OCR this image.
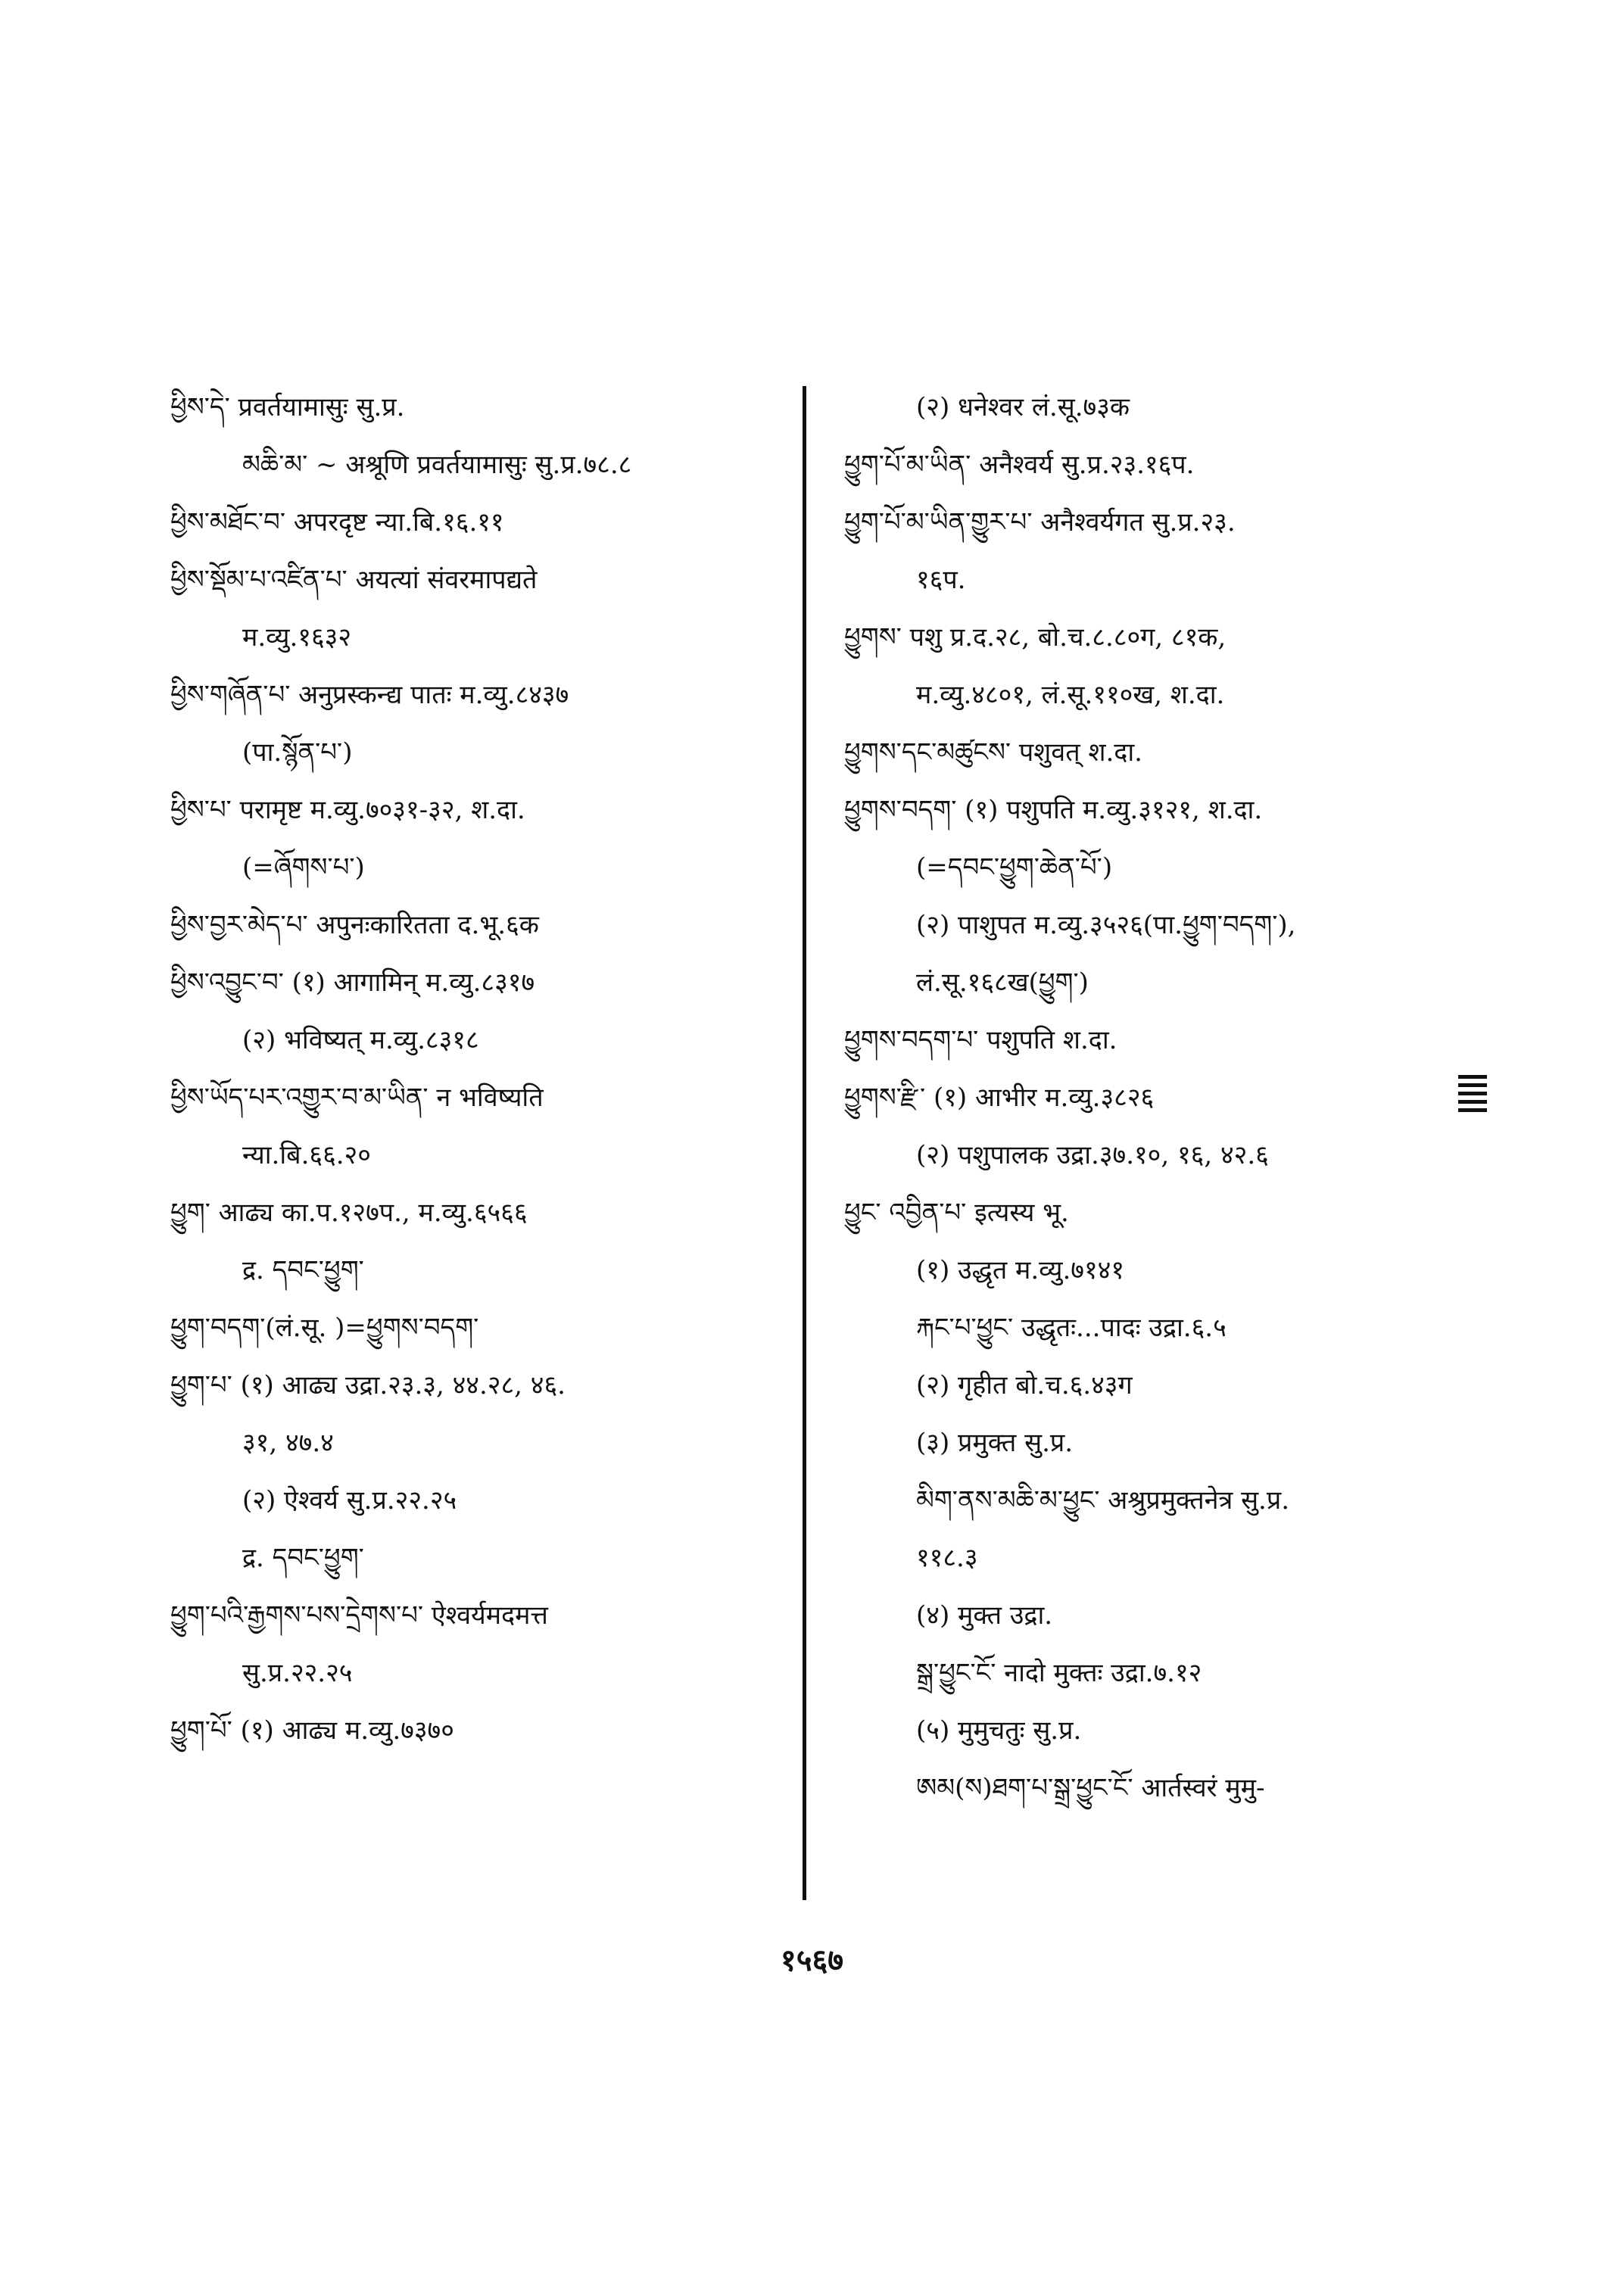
ཕྱིས་དེ་ प्रवर्तयामासुः सु.प्र.
མཆི་མ་ ~ अश्रूणि प्रवर्तयामासुः सु.प्र.७८.८
ཕྱིས་མཐོང་བ་ अपरदृष्ट न्या.बि.१६.११
ཕྱིས་སྡོམ་པ་འཛིན་པ་ अयत्यां संवरमापद्यते
म.व्यु.१६३२
ཕྱིས་གཞོན་པ་ अनुप्रस्कन्द्य पातः म.व्यु.८४३७
(पा.སྙོན་པ་)
ཕྱིས་པ་ परामृष्ट म.व्यु.७०३१-३२, श.दा.
(=ཞོགས་པ་)
ཕྱིས་བྱར་མེད་པ་ अपुनःकारितता द.भू.६क
ཕྱིས་འབྱུང་བ་ (१) आगामिन् म.व्यु.८३१७
(२) भविष्यत् म.व्यु.८३१८
ཕྱིས་ཡོད་པར་འགྱུར་བ་མ་ཡིན་ न भविष्यति
न्या.बि.६६.२०
ཕྱུག་ आढ्य का.प.१२७प., म.व्यु.६५६६
द्र. དབང་ཕྱུག་
ཕྱུག་བདག་(लं.सू. )=ཕྱུགས་བདག་
ཕྱུག་པ་ (१) आढ्य उद्रा.२३.३, ४४.२८, ४६.
३१, ४७.४
(२) ऐश्वर्य सु.प्र.२२.२५
द्र. དབང་ཕྱུག་
ཕྱུག་པའི་རྒྱགས་པས་དྲེགས་པ་ ऐश्वर्यमदमत्त
सु.प्र.२२.२५
ཕྱུག་པོ་ (१) आढ्य म.व्यु.७३७०
(२) धनेश्वर लं.सू.७३क
ཕྱུག་པོ་མ་ཡིན་ अनैश्वर्य सु.प्र.२३.१६प.
ཕྱུག་པོ་མ་ཡིན་གྱུར་པ་ अनैश्वर्यगत सु.प्र.२३.
१६प.
ཕྱུགས་ पशु प्र.द.२८, बो.च.८.८०ग, ८१क,
म.व्यु.४८०१, लं.सू.११०ख, श.दा.
ཕྱུགས་དང་མཚུངས་ पशुवत् श.दा.
ཕྱུགས་བདག་ (१) पशुपति म.व्यु.३१२१, श.दा.
(=དབང་ཕྱུག་ཆེན་པོ་)
(२) पाशुपत म.व्यु.३५२६(पा.ཕྱུག་བདག་),
लं.सू.१६८ख(ཕྱུག་)
ཕྱུགས་བདག་པ་ पशुपति श.दा.
ཕྱུགས་རྫི་ (१) आभीर म.व्यु.३८२६
(२) पशुपालक उद्रा.३७.१०, १६, ४२.६
ཕྱུང་ འབྱིན་པ་ इत्यस्य भू.
(१) उद्धृत म.व्यु.७१४१
རྐང་པ་ཕྱུང་ उद्धृतः...पादः उद्रा.६.५
(२) गृहीत बो.च.६.४३ग
(३) प्रमुक्त सु.प्र.
མིག་ནས་མཆི་མ་ཕྱུང་ अश्रुप्रमुक्तनेत्र सु.प्र.
११८.३
(४) मुक्त उद्रा.
སྒྲ་ཕྱུང་ངོ་ नादो मुक्तः उद्रा.७.१२
(५) मुमुचतुः सु.प्र.
ཨམ(ས)ཐག་པ་སྒྲ་ཕྱུང་ངོ་ आर्तस्वरं मुमु-
१५६७
